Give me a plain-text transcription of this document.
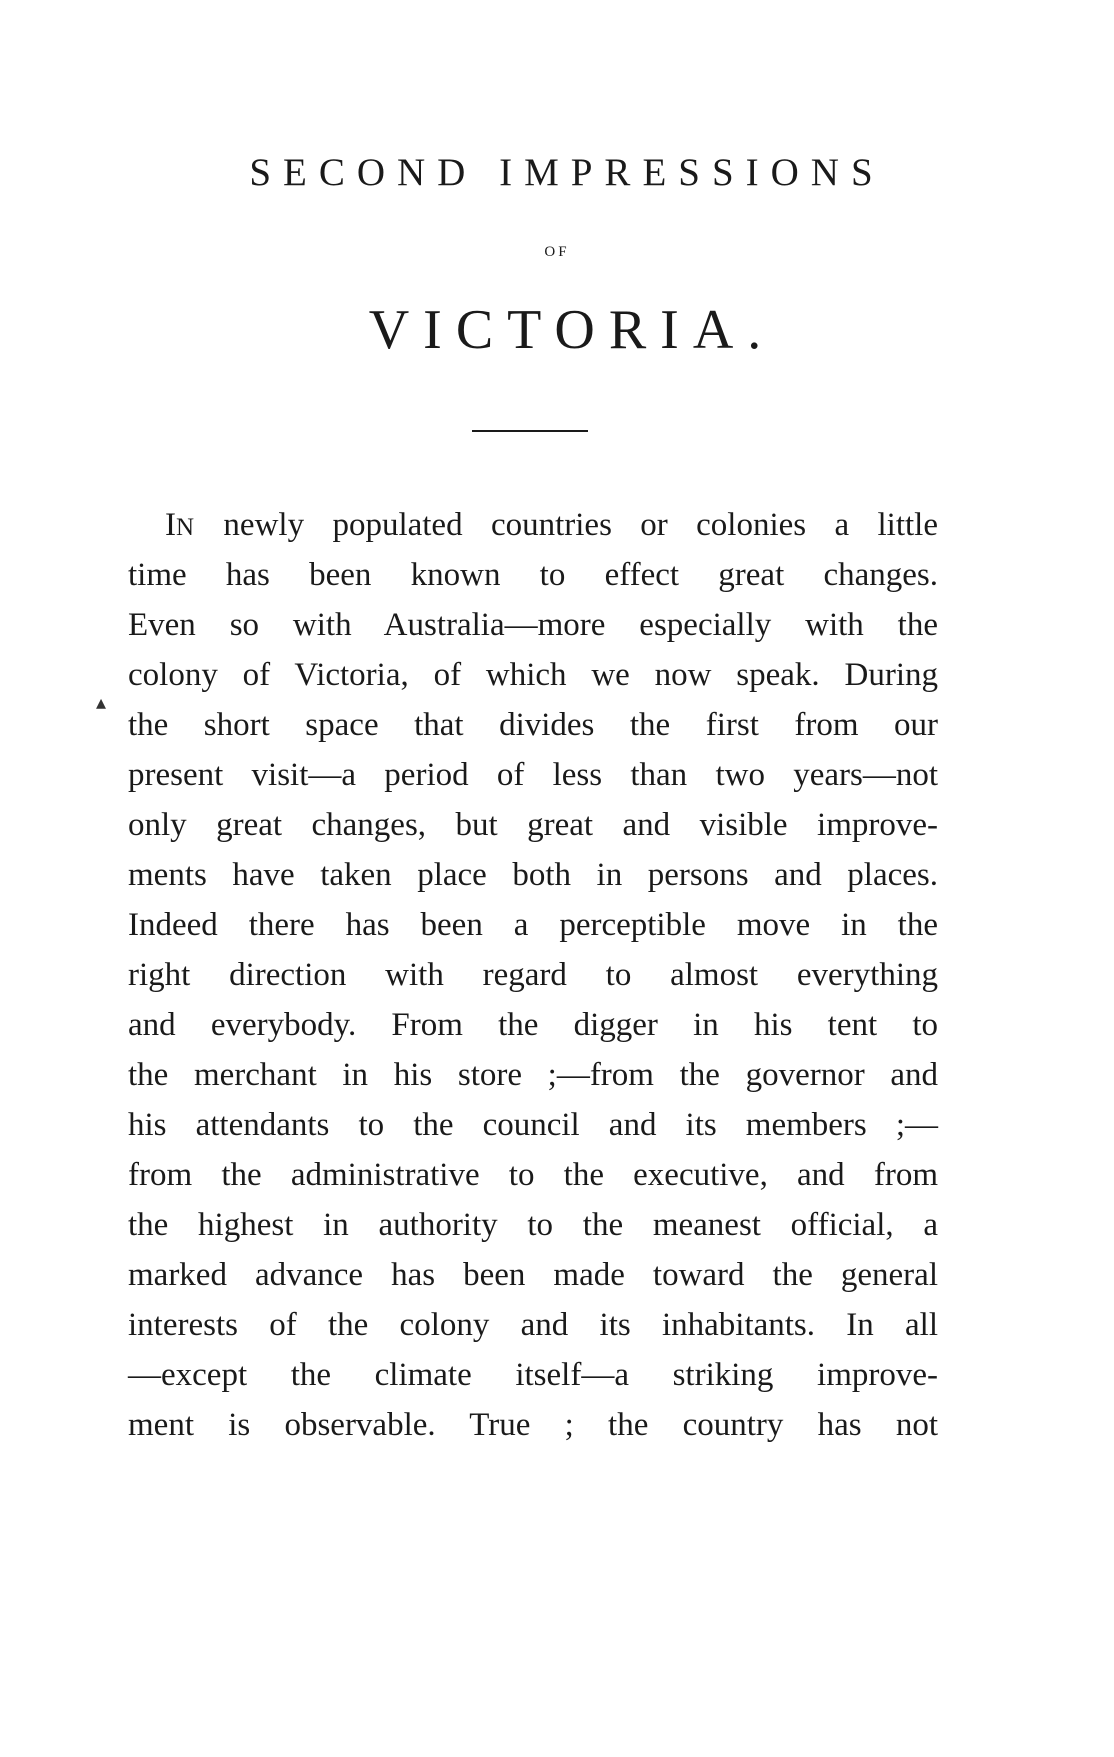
SECOND IMPRESSIONS
OF
VICTORIA.
▴
IN newly populated countries or colonies a little
time has been known to effect great changes.
Even so with Australia—more especially with the
colony of Victoria, of which we now speak. During
the short space that divides the first from our
present visit—a period of less than two years—not
only great changes, but great and visible improve-
ments have taken place both in persons and places.
Indeed there has been a perceptible move in the
right direction with regard to almost everything
and everybody. From the digger in his tent to
the merchant in his store ;—from the governor and
his attendants to the council and its members ;—
from the administrative to the executive, and from
the highest in authority to the meanest official, a
marked advance has been made toward the general
interests of the colony and its inhabitants. In all
—except the climate itself—a striking improve-
ment is observable. True ; the country has not
